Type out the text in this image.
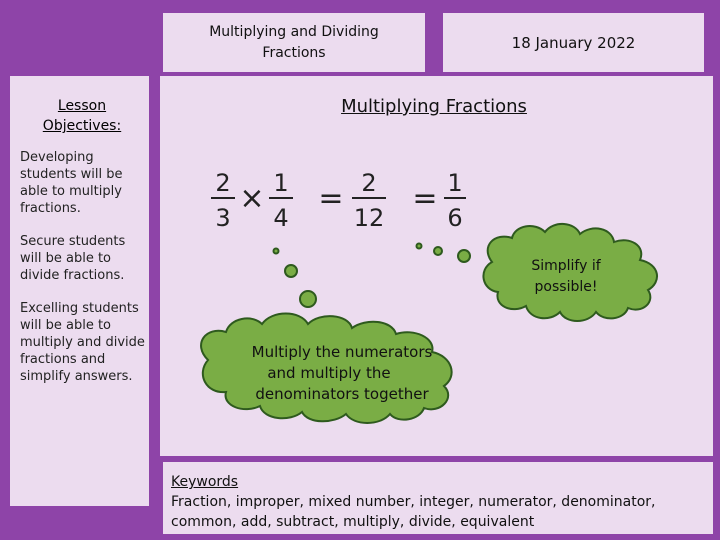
Multiplying and Dividing Fractions
18 January 2022
Lesson Objectives:
Developing students will be able to multiply fractions.
Secure students will be able to divide fractions.
Excelling students will be able to multiply and divide fractions and simplify answers.
Multiplying Fractions
Keywords
Fraction, improper, mixed number, integer, numerator, denominator,
common, add, subtract, multiply, divide, equivalent
2
3
× 1
4
= 2
12
= 1
6
Simplify if
possible!
Multiply the numerators
and multiply the
denominators together
